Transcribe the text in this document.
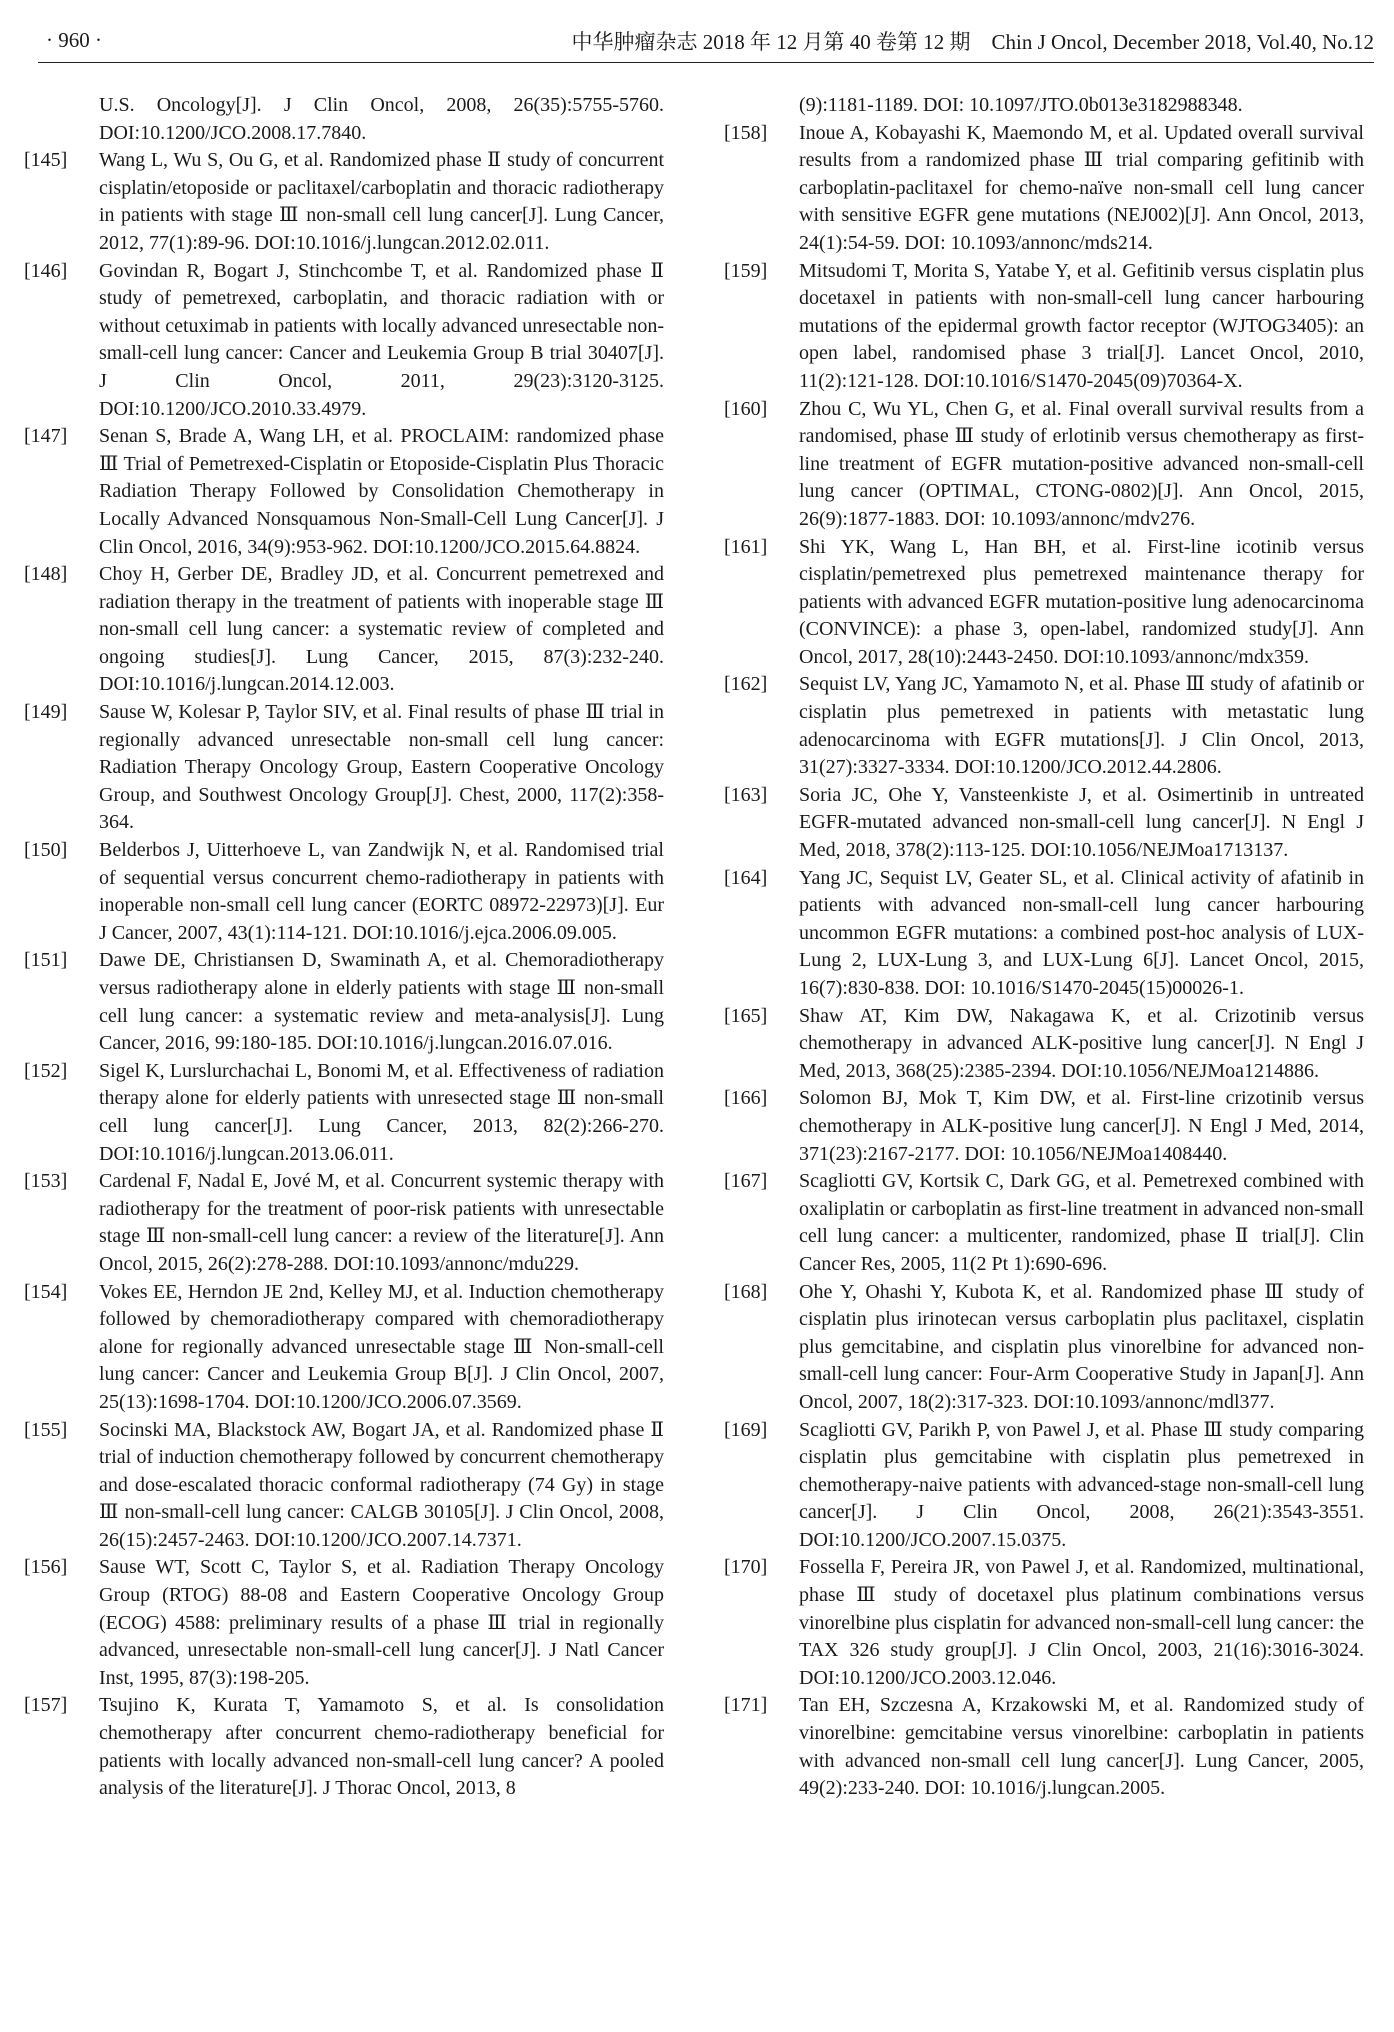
· 960 ·	中华肿瘤杂志 2018 年 12 月第 40 卷第 12 期　Chin J Oncol, December 2018, Vol.40, No.12
U.S. Oncology[J]. J Clin Oncol, 2008, 26(35):5755-5760. DOI:10.1200/JCO.2008.17.7840.
[145] Wang L, Wu S, Ou G, et al. Randomized phase Ⅱ study of concurrent cisplatin/etoposide or paclitaxel/carboplatin and thoracic radiotherapy in patients with stage Ⅲ non-small cell lung cancer[J]. Lung Cancer, 2012, 77(1):89-96. DOI:10.1016/j.lungcan.2012.02.011.
[146] Govindan R, Bogart J, Stinchcombe T, et al. Randomized phase Ⅱ study of pemetrexed, carboplatin, and thoracic radiation with or without cetuximab in patients with locally advanced unresectable non-small-cell lung cancer: Cancer and Leukemia Group B trial 30407[J]. J Clin Oncol, 2011, 29(23):3120-3125. DOI:10.1200/JCO.2010.33.4979.
[147] Senan S, Brade A, Wang LH, et al. PROCLAIM: randomized phase Ⅲ Trial of Pemetrexed-Cisplatin or Etoposide-Cisplatin Plus Thoracic Radiation Therapy Followed by Consolidation Chemotherapy in Locally Advanced Nonsquamous Non-Small-Cell Lung Cancer[J]. J Clin Oncol, 2016, 34(9):953-962. DOI:10.1200/JCO.2015.64.8824.
[148] Choy H, Gerber DE, Bradley JD, et al. Concurrent pemetrexed and radiation therapy in the treatment of patients with inoperable stage Ⅲ non-small cell lung cancer: a systematic review of completed and ongoing studies[J]. Lung Cancer, 2015, 87(3):232-240. DOI:10.1016/j.lungcan.2014.12.003.
[149] Sause W, Kolesar P, Taylor SIV, et al. Final results of phase Ⅲ trial in regionally advanced unresectable non-small cell lung cancer: Radiation Therapy Oncology Group, Eastern Cooperative Oncology Group, and Southwest Oncology Group[J]. Chest, 2000, 117(2):358-364.
[150] Belderbos J, Uitterhoeve L, van Zandwijk N, et al. Randomised trial of sequential versus concurrent chemo-radiotherapy in patients with inoperable non-small cell lung cancer (EORTC 08972-22973)[J]. Eur J Cancer, 2007, 43(1):114-121. DOI:10.1016/j.ejca.2006.09.005.
[151] Dawe DE, Christiansen D, Swaminath A, et al. Chemoradiotherapy versus radiotherapy alone in elderly patients with stage Ⅲ non-small cell lung cancer: a systematic review and meta-analysis[J]. Lung Cancer, 2016, 99:180-185. DOI:10.1016/j.lungcan.2016.07.016.
[152] Sigel K, Lurslurchachai L, Bonomi M, et al. Effectiveness of radiation therapy alone for elderly patients with unresected stage Ⅲ non-small cell lung cancer[J]. Lung Cancer, 2013, 82(2):266-270. DOI:10.1016/j.lungcan.2013.06.011.
[153] Cardenal F, Nadal E, Jové M, et al. Concurrent systemic therapy with radiotherapy for the treatment of poor-risk patients with unresectable stage Ⅲ non-small-cell lung cancer: a review of the literature[J]. Ann Oncol, 2015, 26(2):278-288. DOI:10.1093/annonc/mdu229.
[154] Vokes EE, Herndon JE 2nd, Kelley MJ, et al. Induction chemotherapy followed by chemoradiotherapy compared with chemoradiotherapy alone for regionally advanced unresectable stage Ⅲ Non-small-cell lung cancer: Cancer and Leukemia Group B[J]. J Clin Oncol, 2007, 25(13):1698-1704. DOI:10.1200/JCO.2006.07.3569.
[155] Socinski MA, Blackstock AW, Bogart JA, et al. Randomized phase Ⅱ trial of induction chemotherapy followed by concurrent chemotherapy and dose-escalated thoracic conformal radiotherapy (74 Gy) in stage Ⅲ non-small-cell lung cancer: CALGB 30105[J]. J Clin Oncol, 2008, 26(15):2457-2463. DOI:10.1200/JCO.2007.14.7371.
[156] Sause WT, Scott C, Taylor S, et al. Radiation Therapy Oncology Group (RTOG) 88-08 and Eastern Cooperative Oncology Group (ECOG) 4588: preliminary results of a phase Ⅲ trial in regionally advanced, unresectable non-small-cell lung cancer[J]. J Natl Cancer Inst, 1995, 87(3):198-205.
[157] Tsujino K, Kurata T, Yamamoto S, et al. Is consolidation chemotherapy after concurrent chemo-radiotherapy beneficial for patients with locally advanced non-small-cell lung cancer? A pooled analysis of the literature[J]. J Thorac Oncol, 2013, 8
(9):1181-1189. DOI: 10.1097/JTO.0b013e3182988348.
[158] Inoue A, Kobayashi K, Maemondo M, et al. Updated overall survival results from a randomized phase Ⅲ trial comparing gefitinib with carboplatin-paclitaxel for chemo-naïve non-small cell lung cancer with sensitive EGFR gene mutations (NEJ002)[J]. Ann Oncol, 2013, 24(1):54-59. DOI: 10.1093/annonc/mds214.
[159] Mitsudomi T, Morita S, Yatabe Y, et al. Gefitinib versus cisplatin plus docetaxel in patients with non-small-cell lung cancer harbouring mutations of the epidermal growth factor receptor (WJTOG3405): an open label, randomised phase 3 trial[J]. Lancet Oncol, 2010, 11(2):121-128. DOI:10.1016/S1470-2045(09)70364-X.
[160] Zhou C, Wu YL, Chen G, et al. Final overall survival results from a randomised, phase Ⅲ study of erlotinib versus chemotherapy as first-line treatment of EGFR mutation-positive advanced non-small-cell lung cancer (OPTIMAL, CTONG-0802)[J]. Ann Oncol, 2015, 26(9):1877-1883. DOI: 10.1093/annonc/mdv276.
[161] Shi YK, Wang L, Han BH, et al. First-line icotinib versus cisplatin/pemetrexed plus pemetrexed maintenance therapy for patients with advanced EGFR mutation-positive lung adenocarcinoma (CONVINCE): a phase 3, open-label, randomized study[J]. Ann Oncol, 2017, 28(10):2443-2450. DOI:10.1093/annonc/mdx359.
[162] Sequist LV, Yang JC, Yamamoto N, et al. Phase Ⅲ study of afatinib or cisplatin plus pemetrexed in patients with metastatic lung adenocarcinoma with EGFR mutations[J]. J Clin Oncol, 2013, 31(27):3327-3334. DOI:10.1200/JCO.2012.44.2806.
[163] Soria JC, Ohe Y, Vansteenkiste J, et al. Osimertinib in untreated EGFR-mutated advanced non-small-cell lung cancer[J]. N Engl J Med, 2018, 378(2):113-125. DOI:10.1056/NEJMoa1713137.
[164] Yang JC, Sequist LV, Geater SL, et al. Clinical activity of afatinib in patients with advanced non-small-cell lung cancer harbouring uncommon EGFR mutations: a combined post-hoc analysis of LUX-Lung 2, LUX-Lung 3, and LUX-Lung 6[J]. Lancet Oncol, 2015, 16(7):830-838. DOI: 10.1016/S1470-2045(15)00026-1.
[165] Shaw AT, Kim DW, Nakagawa K, et al. Crizotinib versus chemotherapy in advanced ALK-positive lung cancer[J]. N Engl J Med, 2013, 368(25):2385-2394. DOI:10.1056/NEJMoa1214886.
[166] Solomon BJ, Mok T, Kim DW, et al. First-line crizotinib versus chemotherapy in ALK-positive lung cancer[J]. N Engl J Med, 2014, 371(23):2167-2177. DOI: 10.1056/NEJMoa1408440.
[167] Scagliotti GV, Kortsik C, Dark GG, et al. Pemetrexed combined with oxaliplatin or carboplatin as first-line treatment in advanced non-small cell lung cancer: a multicenter, randomized, phase Ⅱ trial[J]. Clin Cancer Res, 2005, 11(2 Pt 1):690-696.
[168] Ohe Y, Ohashi Y, Kubota K, et al. Randomized phase Ⅲ study of cisplatin plus irinotecan versus carboplatin plus paclitaxel, cisplatin plus gemcitabine, and cisplatin plus vinorelbine for advanced non-small-cell lung cancer: Four-Arm Cooperative Study in Japan[J]. Ann Oncol, 2007, 18(2):317-323. DOI:10.1093/annonc/mdl377.
[169] Scagliotti GV, Parikh P, von Pawel J, et al. Phase Ⅲ study comparing cisplatin plus gemcitabine with cisplatin plus pemetrexed in chemotherapy-naive patients with advanced-stage non-small-cell lung cancer[J]. J Clin Oncol, 2008, 26(21):3543-3551. DOI:10.1200/JCO.2007.15.0375.
[170] Fossella F, Pereira JR, von Pawel J, et al. Randomized, multinational, phase Ⅲ study of docetaxel plus platinum combinations versus vinorelbine plus cisplatin for advanced non-small-cell lung cancer: the TAX 326 study group[J]. J Clin Oncol, 2003, 21(16):3016-3024. DOI:10.1200/JCO.2003.12.046.
[171] Tan EH, Szczesna A, Krzakowski M, et al. Randomized study of vinorelbine: gemcitabine versus vinorelbine: carboplatin in patients with advanced non-small cell lung cancer[J]. Lung Cancer, 2005, 49(2):233-240. DOI: 10.1016/j.lungcan.2005.
